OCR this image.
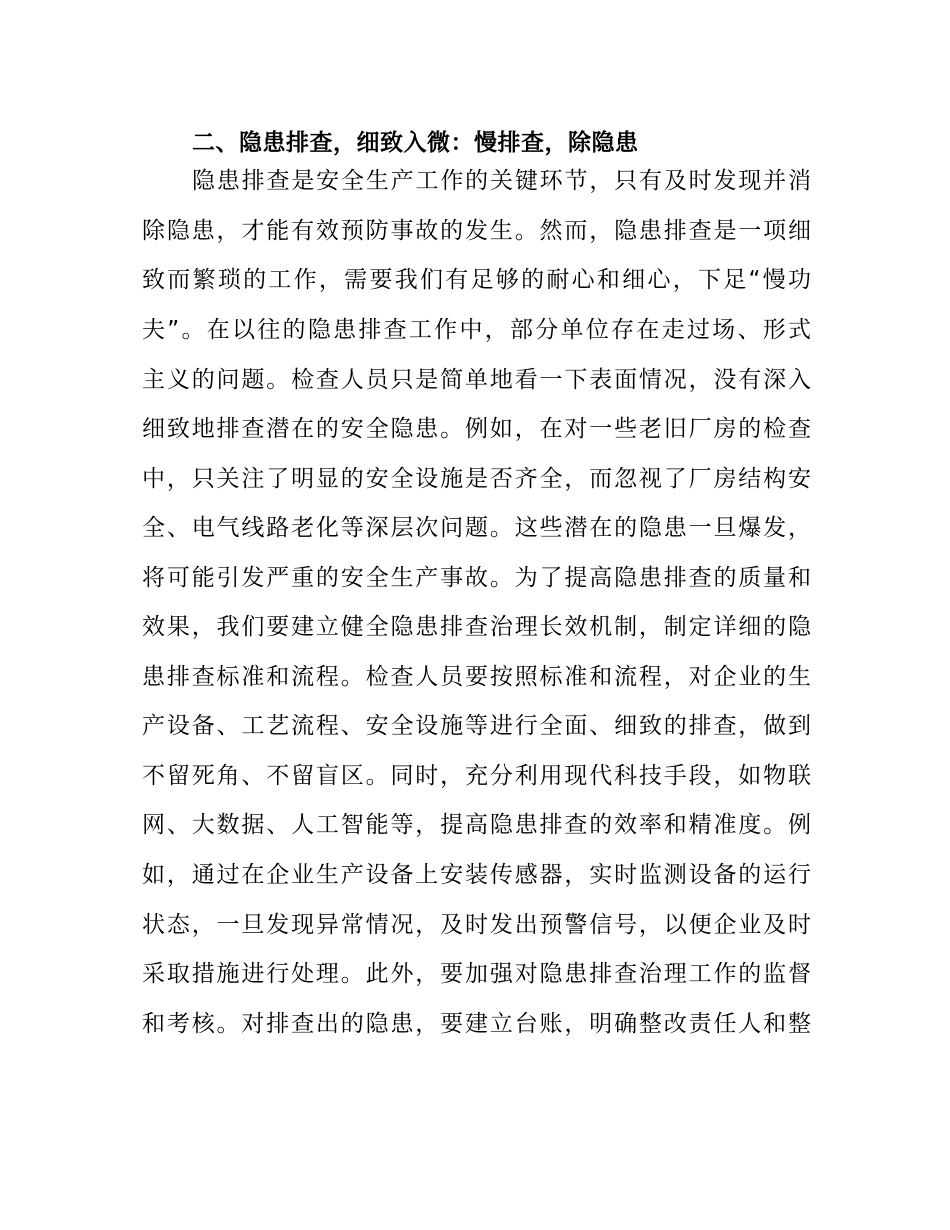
二、隐患排查，细致入微：慢排查，除隐患
隐患排查是安全生产工作的关键环节，只有及时发现并消
除隐患，才能有效预防事故的发生。然而，隐患排查是一项细
致而繁琐的工作，需要我们有足够的耐心和细心，下足“慢功
夫”。在以往的隐患排查工作中，部分单位存在走过场、形式
主义的问题。检查人员只是简单地看一下表面情况，没有深入
细致地排查潜在的安全隐患。例如，在对一些老旧厂房的检查
中，只关注了明显的安全设施是否齐全，而忽视了厂房结构安
全、电气线路老化等深层次问题。这些潜在的隐患一旦爆发，
将可能引发严重的安全生产事故。为了提高隐患排查的质量和
效果，我们要建立健全隐患排查治理长效机制，制定详细的隐
患排查标准和流程。检查人员要按照标准和流程，对企业的生
产设备、工艺流程、安全设施等进行全面、细致的排查，做到
不留死角、不留盲区。同时，充分利用现代科技手段，如物联
网、大数据、人工智能等，提高隐患排查的效率和精准度。例
如，通过在企业生产设备上安装传感器，实时监测设备的运行
状态，一旦发现异常情况，及时发出预警信号，以便企业及时
采取措施进行处理。此外，要加强对隐患排查治理工作的监督
和考核。对排查出的隐患，要建立台账，明确整改责任人和整
